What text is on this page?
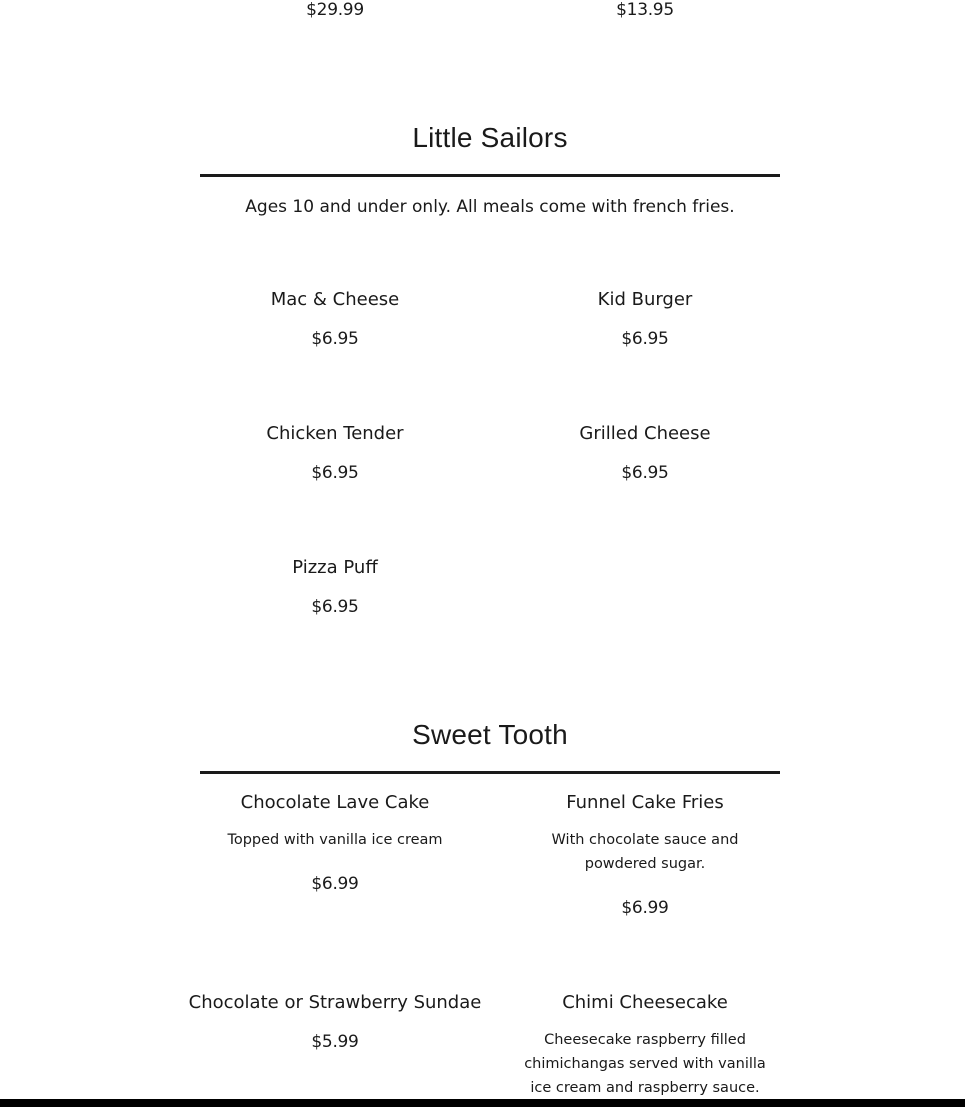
$29.99	$13.95
Little Sailors
Ages 10 and under only. All meals come with french fries.
Mac & Cheese
$6.95
Kid Burger
$6.95
Chicken Tender
$6.95
Grilled Cheese
$6.95
Pizza Puff
$6.95
Sweet Tooth
Chocolate Lave Cake
Topped with vanilla ice cream
$6.99
Funnel Cake Fries
With chocolate sauce and powdered sugar.
$6.99
Chocolate or Strawberry Sundae
$5.99
Chimi Cheesecake
Cheesecake raspberry filled chimichangas served with vanilla ice cream and raspberry sauce.
